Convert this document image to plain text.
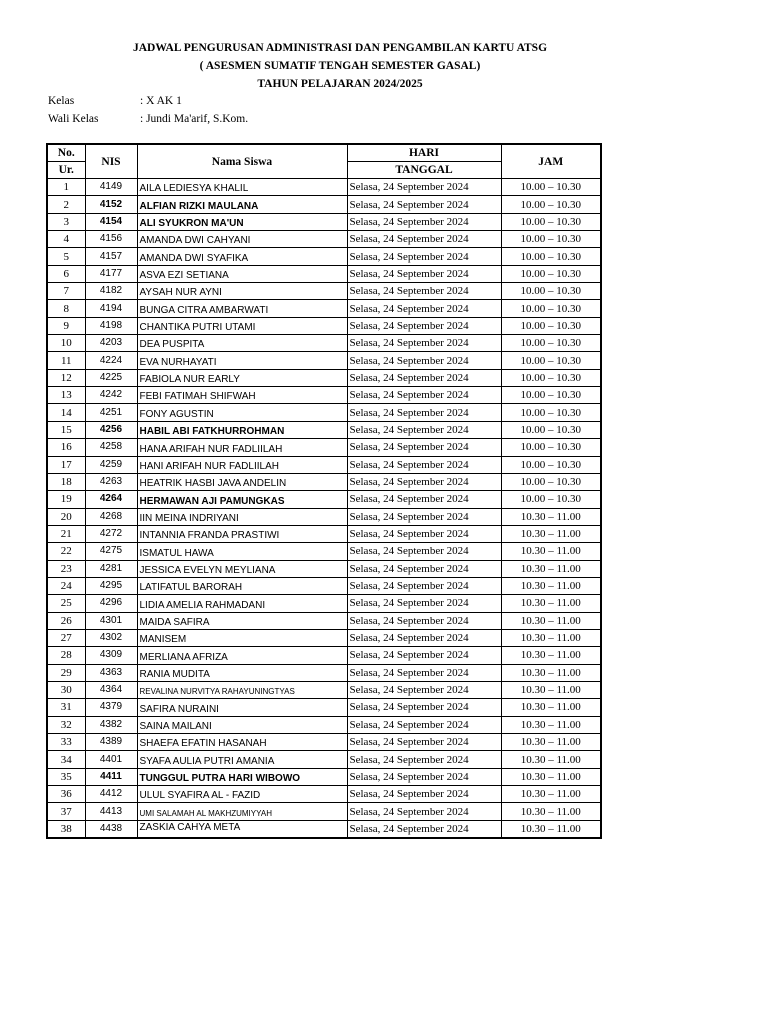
JADWAL PENGURUSAN ADMINISTRASI DAN PENGAMBILAN KARTU ATSG
( ASESMEN SUMATIF TENGAH SEMESTER GASAL)
TAHUN PELAJARAN 2024/2025
Kelas	: X AK 1
Wali Kelas	: Jundi Ma'arif, S.Kom.
No.	NIS	Nama Siswa	HARI	JAM
Ur.			TANGGAL	
1	4149	AILA LEDIESYA KHALIL	Selasa, 24 September 2024	10.00 – 10.30
2	4152	ALFIAN RIZKI MAULANA	Selasa, 24 September 2024	10.00 – 10.30
3	4154	ALI SYUKRON MA'UN	Selasa, 24 September 2024	10.00 – 10.30
4	4156	AMANDA DWI CAHYANI	Selasa, 24 September 2024	10.00 – 10.30
5	4157	AMANDA DWI SYAFIKA	Selasa, 24 September 2024	10.00 – 10.30
6	4177	ASVA EZI SETIANA	Selasa, 24 September 2024	10.00 – 10.30
7	4182	AYSAH NUR AYNI	Selasa, 24 September 2024	10.00 – 10.30
8	4194	BUNGA CITRA AMBARWATI	Selasa, 24 September 2024	10.00 – 10.30
9	4198	CHANTIKA PUTRI UTAMI	Selasa, 24 September 2024	10.00 – 10.30
10	4203	DEA PUSPITA	Selasa, 24 September 2024	10.00 – 10.30
11	4224	EVA NURHAYATI	Selasa, 24 September 2024	10.00 – 10.30
12	4225	FABIOLA NUR EARLY	Selasa, 24 September 2024	10.00 – 10.30
13	4242	FEBI FATIMAH SHIFWAH	Selasa, 24 September 2024	10.00 – 10.30
14	4251	FONY AGUSTIN	Selasa, 24 September 2024	10.00 – 10.30
15	4256	HABIL ABI FATKHURROHMAN	Selasa, 24 September 2024	10.00 – 10.30
16	4258	HANA ARIFAH NUR FADLIILAH	Selasa, 24 September 2024	10.00 – 10.30
17	4259	HANI ARIFAH NUR FADLIILAH	Selasa, 24 September 2024	10.00 – 10.30
18	4263	HEATRIK HASBI JAVA ANDELIN	Selasa, 24 September 2024	10.00 – 10.30
19	4264	HERMAWAN AJI PAMUNGKAS	Selasa, 24 September 2024	10.00 – 10.30
20	4268	IIN MEINA INDRIYANI	Selasa, 24 September 2024	10.30 – 11.00
21	4272	INTANNIA FRANDA PRASTIWI	Selasa, 24 September 2024	10.30 – 11.00
22	4275	ISMATUL HAWA	Selasa, 24 September 2024	10.30 – 11.00
23	4281	JESSICA EVELYN MEYLIANA	Selasa, 24 September 2024	10.30 – 11.00
24	4295	LATIFATUL BARORAH	Selasa, 24 September 2024	10.30 – 11.00
25	4296	LIDIA AMELIA RAHMADANI	Selasa, 24 September 2024	10.30 – 11.00
26	4301	MAIDA SAFIRA	Selasa, 24 September 2024	10.30 – 11.00
27	4302	MANISEM	Selasa, 24 September 2024	10.30 – 11.00
28	4309	MERLIANA AFRIZA	Selasa, 24 September 2024	10.30 – 11.00
29	4363	RANIA MUDITA	Selasa, 24 September 2024	10.30 – 11.00
30	4364	REVALINA NURVITYA RAHAYUNINGTYAS	Selasa, 24 September 2024	10.30 – 11.00
31	4379	SAFIRA NURAINI	Selasa, 24 September 2024	10.30 – 11.00
32	4382	SAINA MAILANI	Selasa, 24 September 2024	10.30 – 11.00
33	4389	SHAEFA EFATIN HASANAH	Selasa, 24 September 2024	10.30 – 11.00
34	4401	SYAFA AULIA PUTRI AMANIA	Selasa, 24 September 2024	10.30 – 11.00
35	4411	TUNGGUL PUTRA HARI WIBOWO	Selasa, 24 September 2024	10.30 – 11.00
36	4412	ULUL SYAFIRA AL - FAZID	Selasa, 24 September 2024	10.30 – 11.00
37	4413	UMI SALAMAH AL MAKHZUMIYYAH	Selasa, 24 September 2024	10.30 – 11.00
38	4438	ZASKIA CAHYA META	Selasa, 24 September 2024	10.30 – 11.00
